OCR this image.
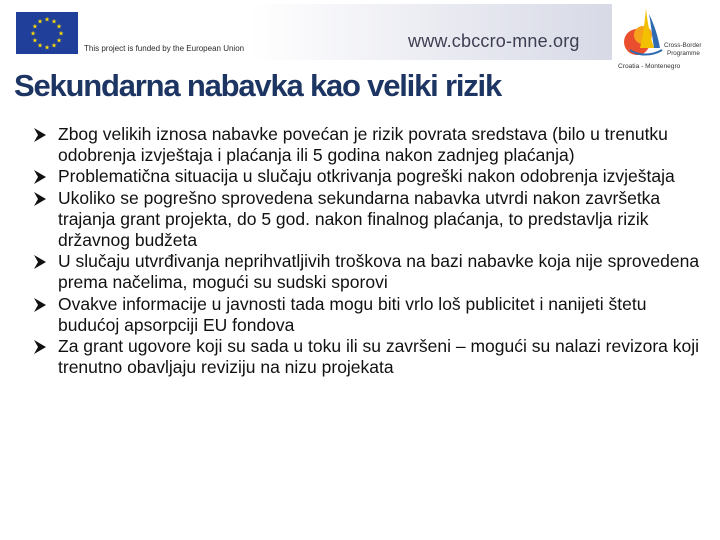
★ ★
★
★
★
★
★
★
★
★
★
★
This project is funded by the European Union	www.cbccro-mne.org	Cross-Border
Programme
Croatia - Montenegro
Sekundarna nabavka kao veliki rizik
Zbog velikih iznosa nabavke povećan je rizik povrata sredstava (bilo u trenutku odobrenja izvještaja i plaćanja ili 5 godina nakon zadnjeg plaćanja)
Problematična situacija u slučaju otkrivanja pogreški nakon odobrenja izvještaja
Ukoliko se pogrešno sprovedena sekundarna nabavka utvrdi nakon završetka trajanja grant projekta, do 5 god. nakon finalnog plaćanja, to predstavlja rizik državnog budžeta
U slučaju utvrđivanja neprihvatljivih troškova na bazi nabavke koja nije sprovedena prema načelima, mogući su sudski sporovi
Ovakve informacije u javnosti tada mogu biti vrlo loš publicitet i nanijeti štetu budućoj apsorpciji EU fondova
Za grant ugovore koji su sada u toku ili su završeni – mogući su nalazi revizora koji trenutno obavljaju reviziju na nizu projekata
